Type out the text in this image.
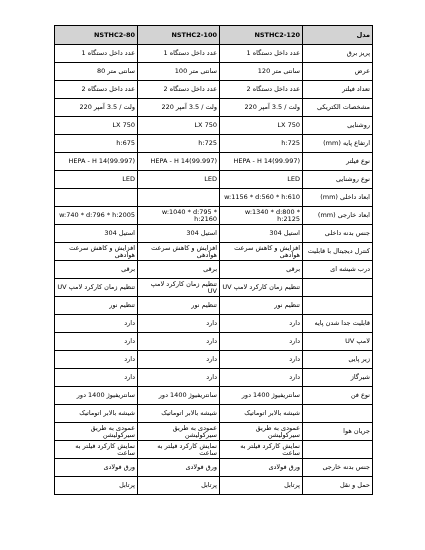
مدل	NSTHC2-120	NSTHC2-100	NSTHC2-80
پریز برق	عدد داخل دستگاه 1	عدد داخل دستگاه 1	عدد داخل دستگاه 1
عرض	سانتی متر 120	سانتی متر 100	سانتی متر 80
تعداد فیلتر	عدد داخل دستگاه 2	عدد داخل دستگاه 2	عدد داخل دستگاه 2
مشخصات الکتریکی	ولت / 3.5 آمپر 220	ولت / 3.5 آمپر 220	ولت / 3.5 آمپر 220
روشنایی	750 LX	750 LX	750 LX
ارتفاع پایه (mm)	h:725	h:725	h:675
نوع فیلتر	HEPA - H 14(99.997)	HEPA - H 14(99.997)	HEPA - H 14(99.997)
نوع روشنایی	LED	LED	LED
ابعاد داخلی (mm)	w:1156 * d:560 * h:610		
ابعاد خارجی (mm)	w:1340 * d:800 * h:2125	w:1040 * d:795 * h:2160	w:740 * d:796 * h:2005
جنس بدنه داخلی	استیل 304	استیل 304	استیل 304
کنترل دیجیتال با قابلیت	افزایش و کاهش سرعت هوادهی	افزایش و کاهش سرعت هوادهی	افزایش و کاهش سرعت هوادهی
درب شیشه ای	برقی	برقی	برقی
	تنظیم زمان کارکرد لامپ UV	تنظیم زمان کارکرد لامپ UV	تنظیم زمان کارکرد لامپ UV
	تنظیم نور	تنظیم نور	تنظیم نور
قابلیت جدا شدن پایه	دارد	دارد	دارد
لامپ UV	دارد	دارد	دارد
زیر پایی	دارد	دارد	دارد
شیرگاز	دارد	دارد	دارد
نوع فن	سانتریفیوژ 1400 دور	سانتریفیوژ 1400 دور	سانتریفیوژ 1400 دور
	شیشه بالابر اتوماتیک	شیشه بالابر اتوماتیک	شیشه بالابر اتوماتیک
جریان هوا	عمودی به طریق سیرکولیشن	عمودی به طریق سیرکولیشن	عمودی به طریق سیرکولیشن
	نمایش کارکرد فیلتر به ساعت	نمایش کارکرد فیلتر به ساعت	نمایش کارکرد فیلتر به ساعت
جنس بدنه خارجی	ورق فولادی	ورق فولادی	ورق فولادی
حمل و نقل	پرتابل	پرتابل	پرتابل
